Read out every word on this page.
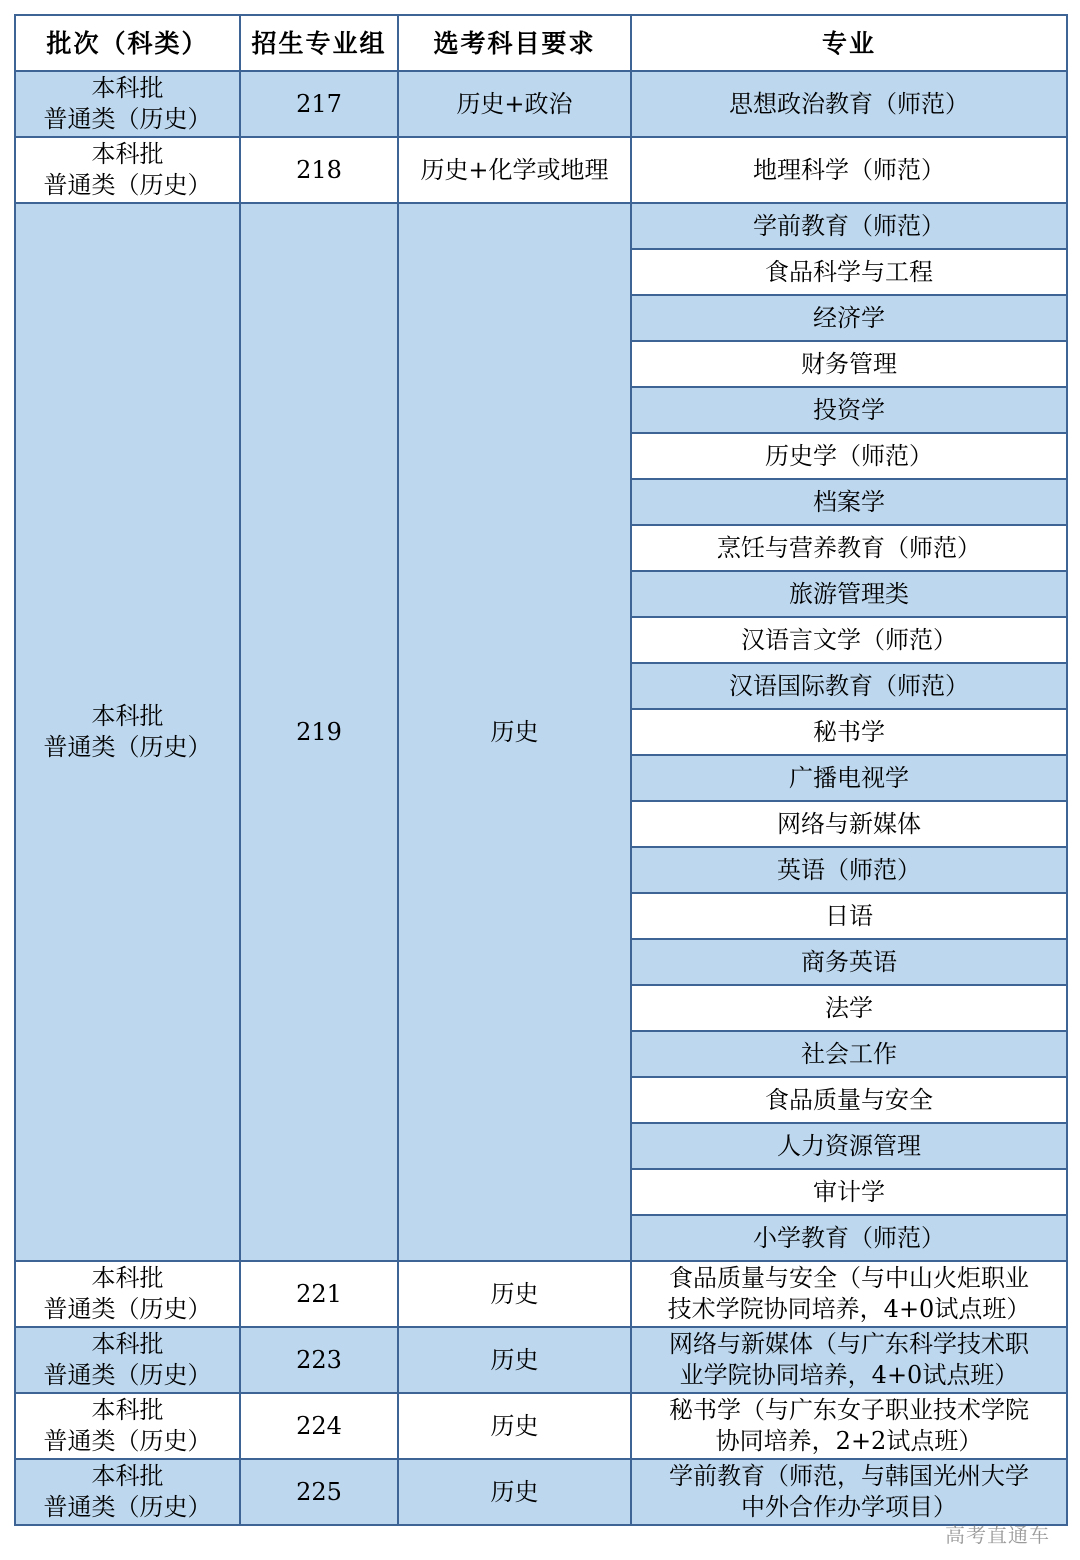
批次（科类）	招生专业组	选考科目要求	专业

本科批
普通类（历史）	217	历史+政治	思想政治教育（师范）

本科批
普通类（历史）	218	历史+化学或地理	地理科学（师范）

本科批
普通类（历史）	219	历史	学前教育（师范）
			食品科学与工程
			经济学
			财务管理
			投资学
			历史学（师范）
			档案学
			烹饪与营养教育（师范）
			旅游管理类
			汉语言文学（师范）
			汉语国际教育（师范）
			秘书学
			广播电视学
			网络与新媒体
			英语（师范）
			日语
			商务英语
			法学
			社会工作
			食品质量与安全
			人力资源管理
			审计学
			小学教育（师范）

本科批
普通类（历史）	221	历史	食品质量与安全（与中山火炬职业
技术学院协同培养，4+0试点班）

本科批
普通类（历史）	223	历史	网络与新媒体（与广东科学技术职
业学院协同培养，4+0试点班）

本科批
普通类（历史）	224	历史	秘书学（与广东女子职业技术学院
协同培养，2+2试点班）

本科批
普通类（历史）	225	历史	学前教育（师范，与韩国光州大学
中外合作办学项目）
高考直通车
